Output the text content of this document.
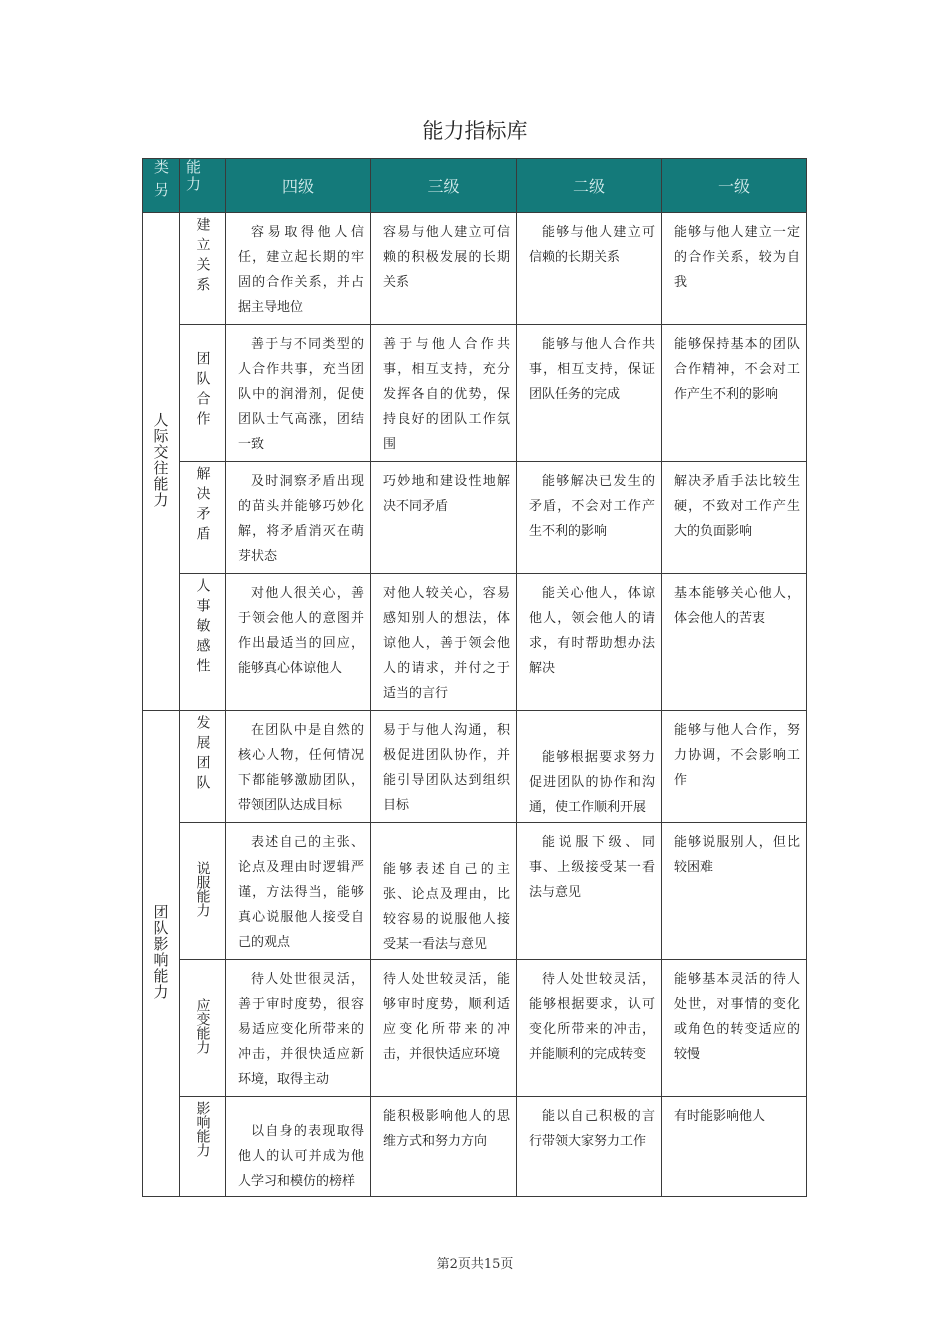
能力指标库
类另	能力	四级	三级	二级	一级
人际交往能力	建立关系	容易取得他人信任，建立起长期的牢固的合作关系，并占据主导地位	容易与他人建立可信赖的积极发展的长期关系	能够与他人建立可信赖的长期关系	能够与他人建立一定的合作关系，较为自我
	团队合作	善于与不同类型的人合作共事，充当团队中的润滑剂，促使团队士气高涨，团结一致	善于与他人合作共事，相互支持，充分发挥各自的优势，保持良好的团队工作氛围	能够与他人合作共事，相互支持，保证团队任务的完成	能够保持基本的团队合作精神，不会对工作产生不利的影响
	解决矛盾	及时洞察矛盾出现的苗头并能够巧妙化解，将矛盾消灭在萌芽状态	巧妙地和建设性地解决不同矛盾	能够解决已发生的矛盾，不会对工作产生不利的影响	解决矛盾手法比较生硬，不致对工作产生大的负面影响
	人事敏感性	对他人很关心，善于领会他人的意图并作出最适当的回应，能够真心体谅他人	对他人较关心，容易感知别人的想法，体谅他人，善于领会他人的请求，并付之于适当的言行	能关心他人，体谅他人，领会他人的请求，有时帮助想办法解决	基本能够关心他人，体会他人的苦衷
团队影响能力	发展团队	在团队中是自然的核心人物，任何情况下都能够激励团队，带领团队达成目标	易于与他人沟通，积极促进团队协作，并能引导团队达到组织目标	能够根据要求努力促进团队的协作和沟通，使工作顺利开展	能够与他人合作，努力协调，不会影响工作
	说服能力	表述自己的主张、论点及理由时逻辑严谨，方法得当，能够真心说服他人接受自己的观点	能够表述自己的主张、论点及理由，比较容易的说服他人接受某一看法与意见	能说服下级、同事、上级接受某一看法与意见	能够说服别人，但比较困难
	应变能力	待人处世很灵活，善于审时度势，很容易适应变化所带来的冲击，并很快适应新环境，取得主动	待人处世较灵活，能够审时度势，顺利适应变化所带来的冲击，并很快适应环境	待人处世较灵活，能够根据要求，认可变化所带来的冲击，并能顺利的完成转变	能够基本灵活的待人处世，对事情的变化或角色的转变适应的较慢
	影响能力	以自身的表现取得他人的认可并成为他人学习和模仿的榜样	能积极影响他人的思维方式和努力方向	能以自己积极的言行带领大家努力工作	有时能影响他人
第2页共15页
